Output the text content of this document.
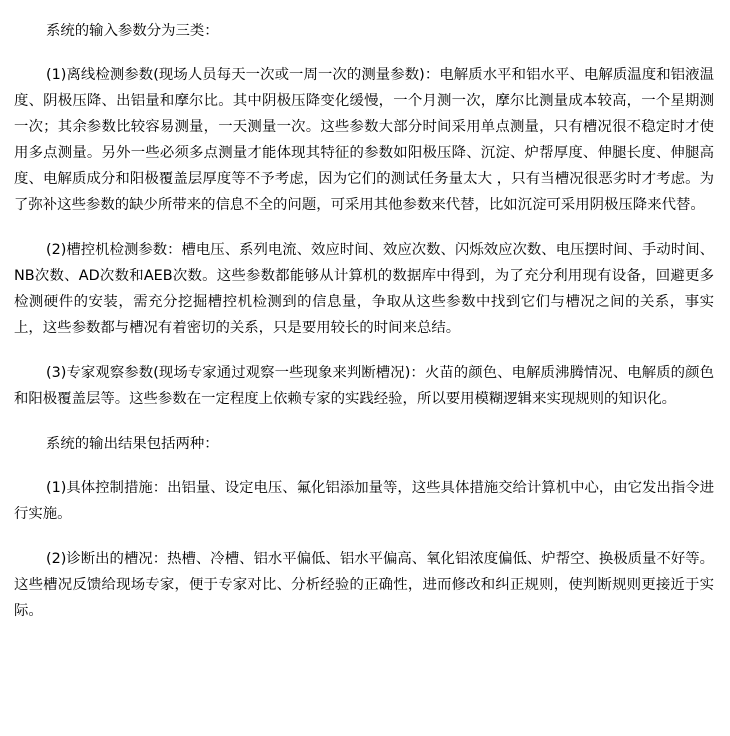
系统的输入参数分为三类：

(1)离线检测参数(现场人员每天一次或一周一次的测量参数)：电解质水平和铝水平、电解质温度和铝液温度、阴极压降、出铝量和摩尔比。其中阴极压降变化缓慢，一个月测一次，摩尔比测量成本较高，一个星期测一次；其余参数比较容易测量，一天测量一次。这些参数大部分时间采用单点测量，只有槽况很不稳定时才使用多点测量。另外一些必须多点测量才能体现其特征的参数如阳极压降、沉淀、炉帮厚度、伸腿长度、伸腿高度、电解质成分和阳极覆盖层厚度等不予考虑，因为它们的测试任务量太大 ，只有当槽况很恶劣时才考虑。为了弥补这些参数的缺少所带来的信息不全的问题，可采用其他参数来代替，比如沉淀可采用阴极压降来代替。

(2)槽控机检测参数：槽电压、系列电流、效应时间、效应次数、闪烁效应次数、电压摆时间、手动时间、NB次数、AD次数和AEB次数。这些参数都能够从计算机的数据库中得到，为了充分利用现有设备，回避更多检测硬件的安装，需充分挖掘槽控机检测到的信息量，争取从这些参数中找到它们与槽况之间的关系，事实上，这些参数都与槽况有着密切的关系，只是要用较长的时间来总结。

(3)专家观察参数(现场专家通过观察一些现象来判断槽况)：火苗的颜色、电解质沸腾情况、电解质的颜色和阳极覆盖层等。这些参数在一定程度上依赖专家的实践经验，所以要用模糊逻辑来实现规则的知识化。

系统的输出结果包括两种：

(1)具体控制措施：出铝量、设定电压、氟化铝添加量等，这些具体措施交给计算机中心，由它发出指令进行实施。

(2)诊断出的槽况：热槽、冷槽、铝水平偏低、铝水平偏高、氧化铝浓度偏低、炉帮空、换极质量不好等。这些槽况反馈给现场专家，便于专家对比、分析经验的正确性，进而修改和纠正规则，使判断规则更接近于实际。
